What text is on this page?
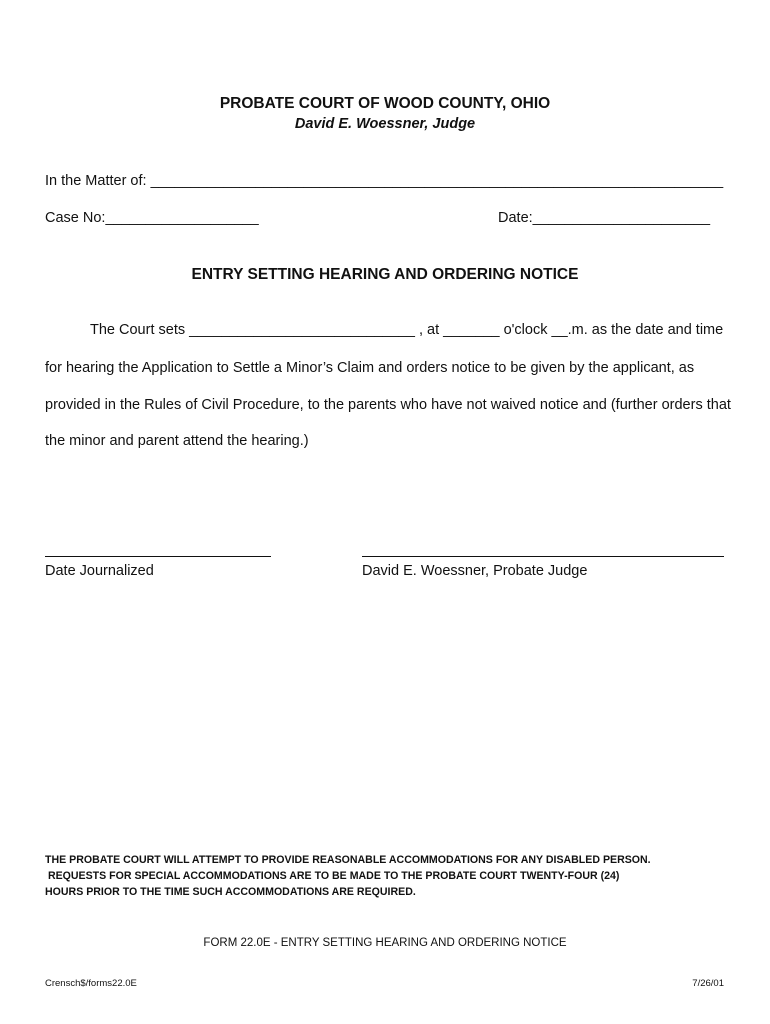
PROBATE COURT OF WOOD COUNTY, OHIO
David E. Woessner, Judge
In the Matter of: _______________________________________________________________________
Case No:___________________	Date:______________________
ENTRY SETTING HEARING AND ORDERING NOTICE
The Court sets ____________________________ , at _______ o'clock __.m. as the date and time
for hearing the Application to Settle a Minor’s Claim and orders notice to be given by the applicant, as
provided in the Rules of Civil Procedure, to the parents who have not waived notice and (further orders that
the minor and parent attend the hearing.)
Date Journalized	David E. Woessner, Probate Judge
THE PROBATE COURT WILL ATTEMPT TO PROVIDE REASONABLE ACCOMMODATIONS FOR ANY DISABLED PERSON.
REQUESTS FOR SPECIAL ACCOMMODATIONS ARE TO BE MADE TO THE PROBATE COURT TWENTY-FOUR (24)
HOURS PRIOR TO THE TIME SUCH ACCOMMODATIONS ARE REQUIRED.
FORM 22.0E - ENTRY SETTING HEARING AND ORDERING NOTICE
Crensch$/forms22.0E	7/26/01
